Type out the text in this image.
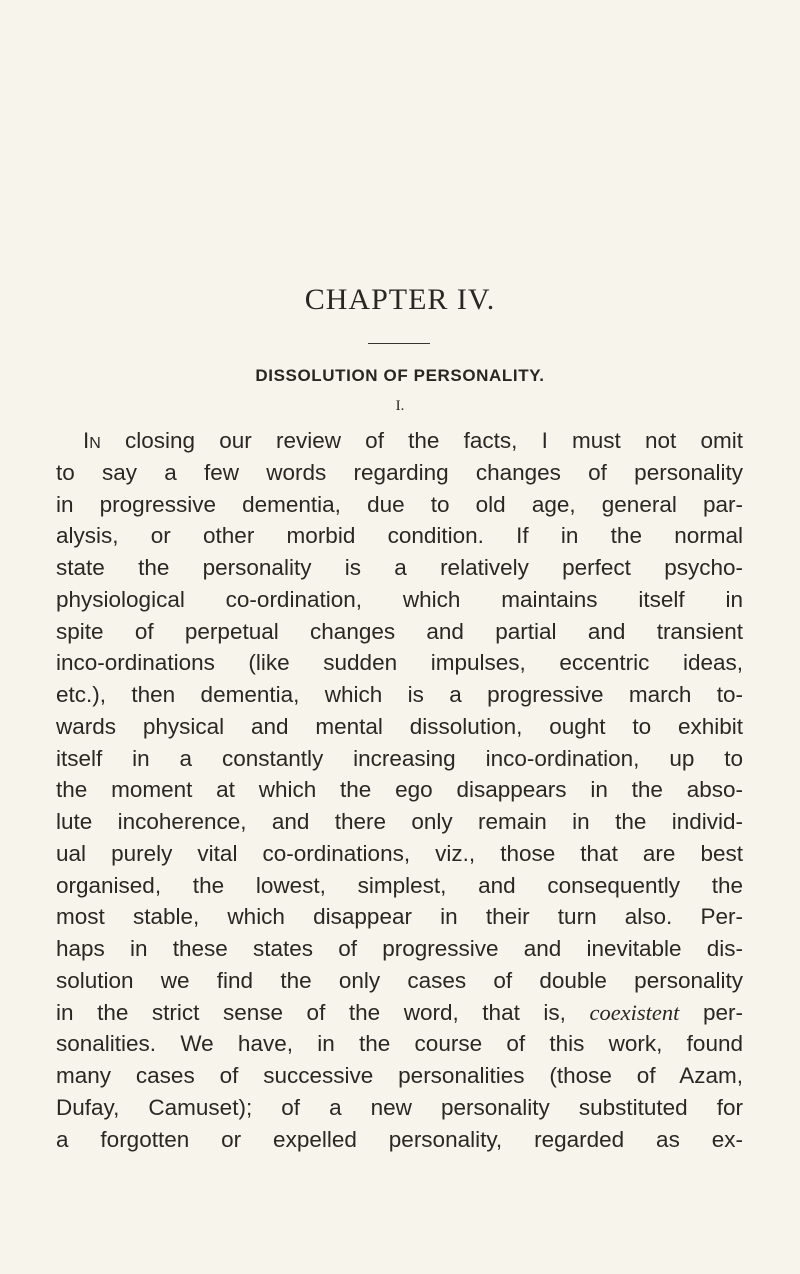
CHAPTER IV.
DISSOLUTION OF PERSONALITY.
I.
In closing our review of the facts, I must not omit
to say a few words regarding changes of personality
in progressive dementia, due to old age, general par-
alysis, or other morbid condition. If in the normal
state the personality is a relatively perfect psycho-
physiological co-ordination, which maintains itself in
spite of perpetual changes and partial and transient
inco-ordinations (like sudden impulses, eccentric ideas,
etc.), then dementia, which is a progressive march to-
wards physical and mental dissolution, ought to exhibit
itself in a constantly increasing inco-ordination, up to
the moment at which the ego disappears in the abso-
lute incoherence, and there only remain in the individ-
ual purely vital co-ordinations, viz., those that are best
organised, the lowest, simplest, and consequently the
most stable, which disappear in their turn also. Per-
haps in these states of progressive and inevitable dis-
solution we find the only cases of double personality
in the strict sense of the word, that is, coexistent per-
sonalities. We have, in the course of this work, found
many cases of successive personalities (those of Azam,
Dufay, Camuset); of a new personality substituted for
a forgotten or expelled personality, regarded as ex-
